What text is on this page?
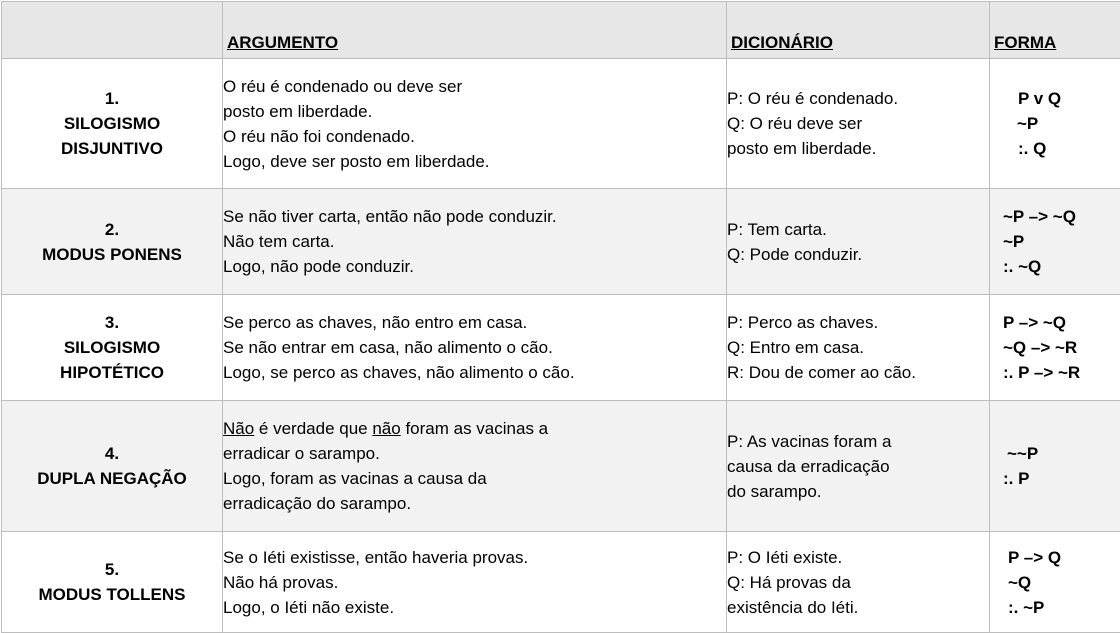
	ARGUMENTO	DICIONÁRIO	FORMA

1.
SILOGISMO
DISJUNTIVO	O réu é condenado ou deve ser
posto em liberdade.
O réu não foi condenado.
Logo, deve ser posto em liberdade.	P: O réu é condenado.
Q: O réu deve ser
posto em liberdade.	P v Q
~P
:. Q

2.
MODUS PONENS	Se não tiver carta, então não pode conduzir.
Não tem carta.
Logo, não pode conduzir.	P: Tem carta.
Q: Pode conduzir.	~P –> ~Q
~P
:. ~Q

3.
SILOGISMO
HIPOTÉTICO	Se perco as chaves, não entro em casa.
Se não entrar em casa, não alimento o cão.
Logo, se perco as chaves, não alimento o cão.	P: Perco as chaves.
Q: Entro em casa.
R: Dou de comer ao cão.	P –> ~Q
~Q –> ~R
:. P –> ~R

4.
DUPLA NEGAÇÃO	Não é verdade que não foram as vacinas a
erradicar o sarampo.
Logo, foram as vacinas a causa da
erradicação do sarampo.	P: As vacinas foram a
causa da erradicação
do sarampo.	~~P
:. P

5.
MODUS TOLLENS	Se o Iéti existisse, então haveria provas.
Não há provas.
Logo, o Iéti não existe.	P: O Iéti existe.
Q: Há provas da
existência do Iéti.	P –> Q
~Q
:. ~P
